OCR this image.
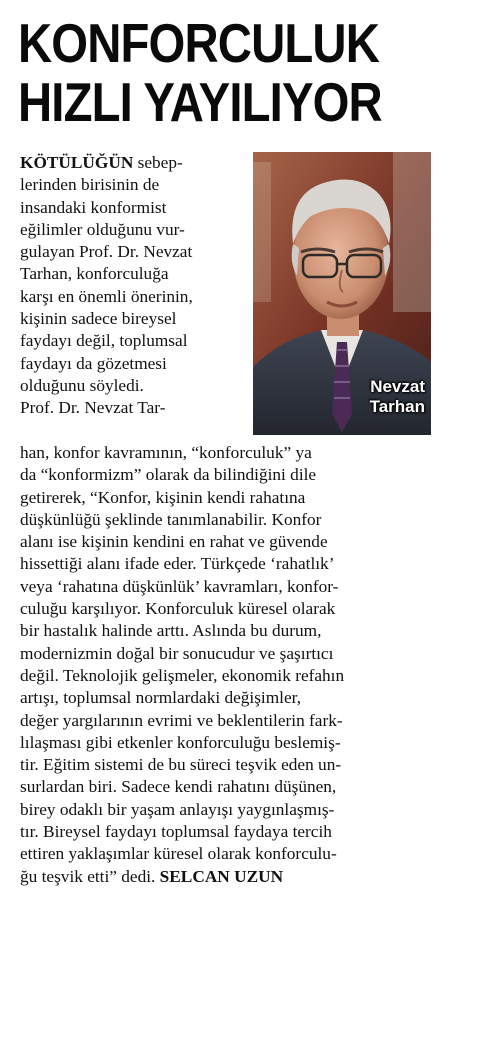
KONFORCULUK
HIZLI YAYILIYOR
Nevzat
Tarhan
KÖTÜLÜĞÜN sebep-
lerinden birisinin de
insandaki konformist
eğilimler olduğunu vur-
gulayan Prof. Dr. Nevzat
Tarhan, konforculuğa
karşı en önemli önerinin,
kişinin sadece bireysel
faydayı değil, toplumsal
faydayı da gözetmesi
olduğunu söyledi.
Prof. Dr. Nevzat Tar-
han, konfor kavramının, “konforculuk” ya
da “konformizm” olarak da bilindiğini dile
getirerek, “Konfor, kişinin kendi rahatına
düşkünlüğü şeklinde tanımlanabilir. Konfor
alanı ise kişinin kendini en rahat ve güvende
hissettiği alanı ifade eder. Türkçede ‘rahatlık’
veya ‘rahatına düşkünlük’ kavramları, konfor-
culuğu karşılıyor. Konforculuk küresel olarak
bir hastalık halinde arttı. Aslında bu durum,
modernizmin doğal bir sonucudur ve şaşırtıcı
değil. Teknolojik gelişmeler, ekonomik refahın
artışı, toplumsal normlardaki değişimler,
değer yargılarının evrimi ve beklentilerin fark-
lılaşması gibi etkenler konforculuğu beslemiş-
tir. Eğitim sistemi de bu süreci teşvik eden un-
surlardan biri. Sadece kendi rahatını düşünen,
birey odaklı bir yaşam anlayışı yaygınlaşmış-
tır. Bireysel faydayı toplumsal faydaya tercih
ettiren yaklaşımlar küresel olarak konforculu-
ğu teşvik etti” dedi. SELCAN UZUN
